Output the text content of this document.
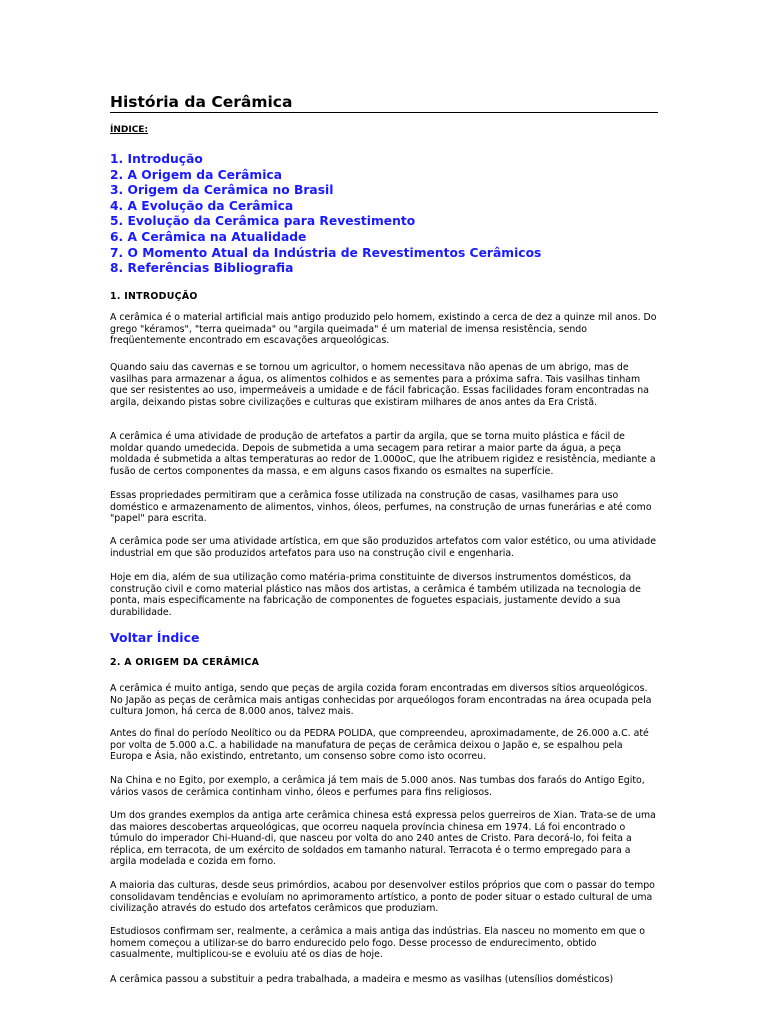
História da Cerâmica
ÍNDICE:
1. Introdução
2. A Origem da Cerâmica
3. Origem da Cerâmica no Brasil
4. A Evolução da Cerâmica
5. Evolução da Cerâmica para Revestimento
6. A Cerâmica na Atualidade
7. O Momento Atual da Indústria de Revestimentos Cerâmicos
8. Referências Bibliografia
1. INTRODUÇÃO

A cerâmica é o material artificial mais antigo produzido pelo homem, existindo a cerca de dez a quinze mil anos. Do grego "kéramos", "terra queimada" ou "argila queimada" é um material de imensa resistência, sendo freqüentemente encontrado em escavações arqueológicas.

Quando saiu das cavernas e se tornou um agricultor, o homem necessitava não apenas de um abrigo, mas de vasilhas para armazenar a água, os alimentos colhidos e as sementes para a próxima safra. Tais vasilhas tinham que ser resistentes ao uso, impermeáveis a umidade e de fácil fabricação. Essas facilidades foram encontradas na argila, deixando pistas sobre civilizações e culturas que existiram milhares de anos antes da Era Cristã.

A cerâmica é uma atividade de produção de artefatos a partir da argila, que se torna muito plástica e fácil de moldar quando umedecida. Depois de submetida a uma secagem para retirar a maior parte da água, a peça moldada é submetida a altas temperaturas ao redor de 1.000oC, que lhe atribuem rigidez e resistência, mediante a fusão de certos componentes da massa, e em alguns casos fixando os esmaltes na superfície.

Essas propriedades permitiram que a cerâmica fosse utilizada na construção de casas, vasilhames para uso doméstico e armazenamento de alimentos, vinhos, óleos, perfumes, na construção de urnas funerárias e até como "papel" para escrita.

A cerâmica pode ser uma atividade artística, em que são produzidos artefatos com valor estético, ou uma atividade industrial em que são produzidos artefatos para uso na construção civil e engenharia.

Hoje em dia, além de sua utilização como matéria-prima constituinte de diversos instrumentos domésticos, da construção civil e como material plástico nas mãos dos artistas, a cerâmica é também utilizada na tecnologia de ponta, mais especificamente na fabricação de componentes de foguetes espaciais, justamente devido a sua durabilidade.

Voltar Índice
2. A ORIGEM DA CERÂMICA

A cerâmica é muito antiga, sendo que peças de argila cozida foram encontradas em diversos sítios arqueológicos. No Japão as peças de cerâmica mais antigas conhecidas por arqueólogos foram encontradas na área ocupada pela cultura Jomon, há cerca de 8.000 anos, talvez mais.

Antes do final do período Neolítico ou da PEDRA POLIDA, que compreendeu, aproximadamente, de 26.000 a.C. até por volta de 5.000 a.C. a habilidade na manufatura de peças de cerâmica deixou o Japão e, se espalhou pela Europa e Ásia, não existindo, entretanto, um consenso sobre como isto ocorreu.

Na China e no Egito, por exemplo, a cerâmica já tem mais de 5.000 anos. Nas tumbas dos faraós do Antigo Egito, vários vasos de cerâmica continham vinho, óleos e perfumes para fins religiosos.

Um dos grandes exemplos da antiga arte cerâmica chinesa está expressa pelos guerreiros de Xian. Trata-se de uma das maiores descobertas arqueológicas, que ocorreu naquela província chinesa em 1974. Lá foi encontrado o túmulo do imperador Chi-Huand-di, que nasceu por volta do ano 240 antes de Cristo. Para decorá-lo, foi feita a réplica, em terracota, de um exército de soldados em tamanho natural. Terracota é o termo empregado para a argila modelada e cozida em forno.

A maioria das culturas, desde seus primórdios, acabou por desenvolver estilos próprios que com o passar do tempo consolidavam tendências e evoluíam no aprimoramento artístico, a ponto de poder situar o estado cultural de uma civilização através do estudo dos artefatos cerâmicos que produziam.

Estudiosos confirmam ser, realmente, a cerâmica a mais antiga das indústrias. Ela nasceu no momento em que o homem começou a utilizar-se do barro endurecido pelo fogo. Desse processo de endurecimento, obtido casualmente, multiplicou-se e evoluiu até os dias de hoje.

A cerâmica passou a substituir a pedra trabalhada, a madeira e mesmo as vasilhas (utensílios domésticos)
